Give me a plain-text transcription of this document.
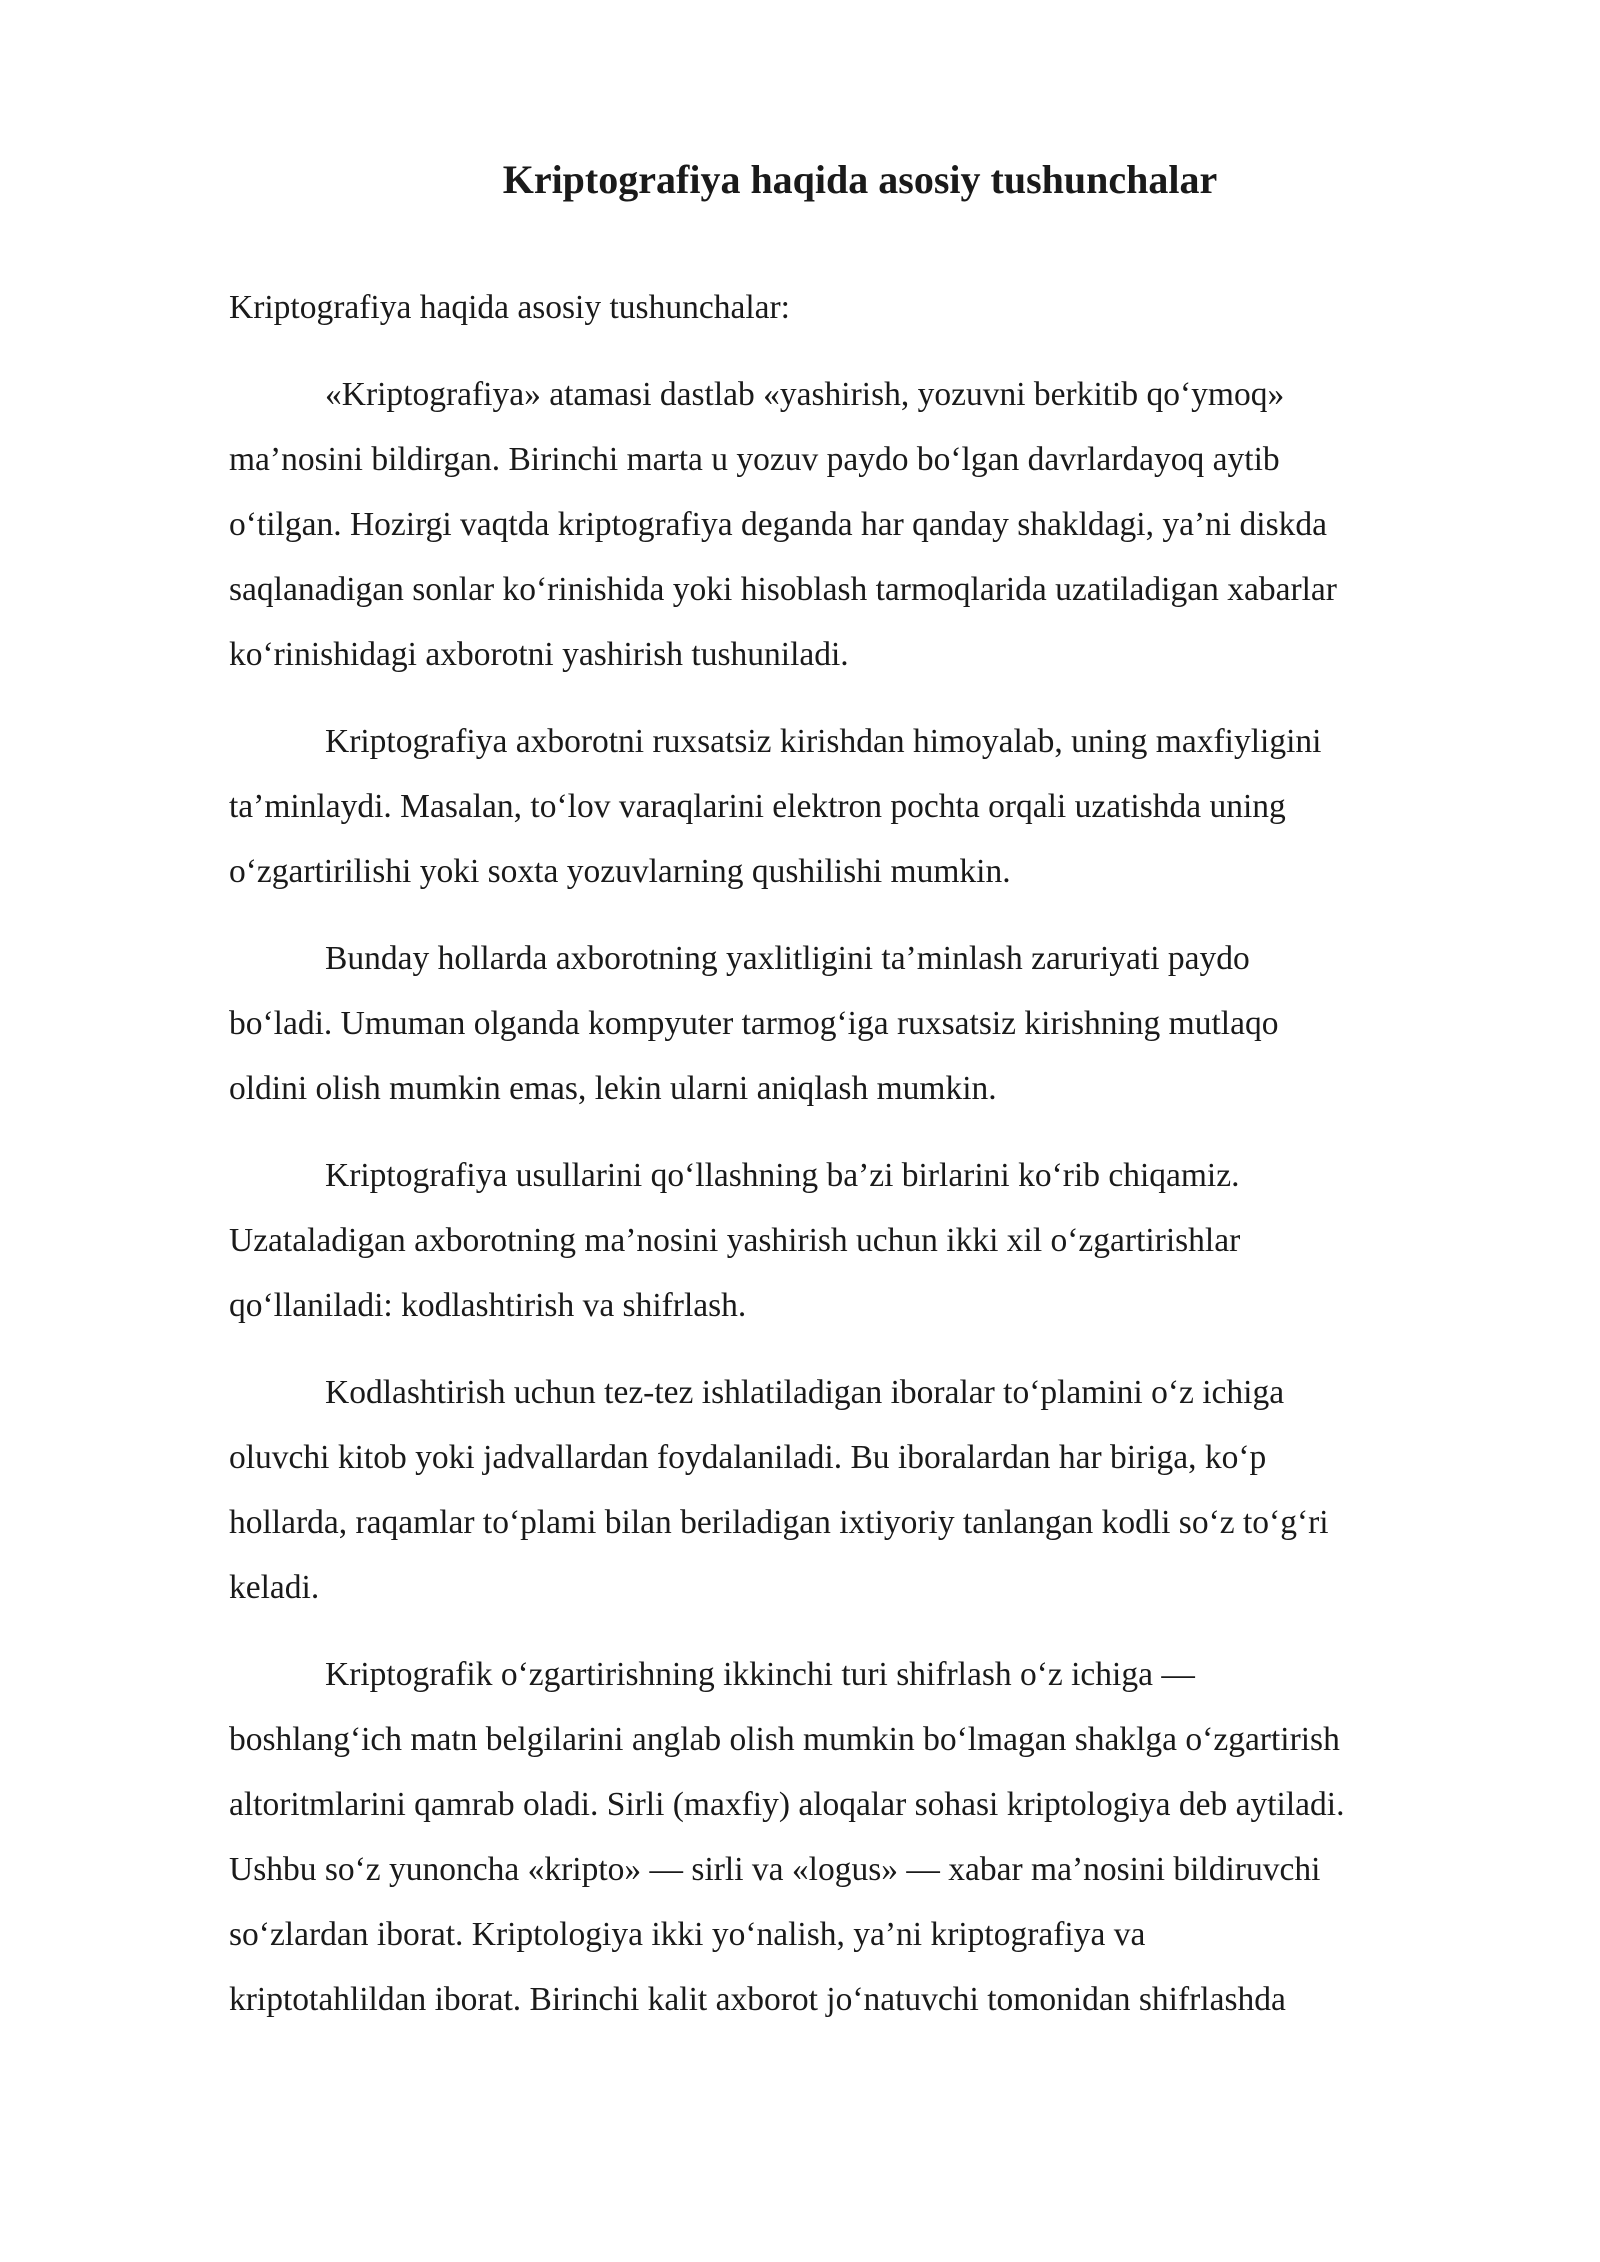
Kriptografiya haqida asosiy tushunchalar

Kriptografiya haqida asosiy tushunchalar:

«Kriptografiya» atamasi dastlab «yashirish, yozuvni berkitib qo‘ymoq»
ma’nosini bildirgan. Birinchi marta u yozuv paydo bo‘lgan davrlardayoq aytib
o‘tilgan. Hozirgi vaqtda kriptografiya deganda har qanday shakldagi, ya’ni diskda
saqlanadigan sonlar ko‘rinishida yoki hisoblash tarmoqlarida uzatiladigan xabarlar
ko‘rinishidagi axborotni yashirish tushuniladi.

Kriptografiya axborotni ruxsatsiz kirishdan himoyalab, uning maxfiyligini
ta’minlaydi. Masalan, to‘lov varaqlarini elektron pochta orqali uzatishda uning
o‘zgartirilishi yoki soxta yozuvlarning qushilishi mumkin.

Bunday hollarda axborotning yaxlitligini ta’minlash zaruriyati paydo
bo‘ladi. Umuman olganda kompyuter tarmog‘iga ruxsatsiz kirishning mutlaqo
oldini olish mumkin emas, lekin ularni aniqlash mumkin.

Kriptografiya usullarini qo‘llashning ba’zi birlarini ko‘rib chiqamiz.
Uzataladigan axborotning ma’nosini yashirish uchun ikki xil o‘zgartirishlar
qo‘llaniladi: kodlashtirish va shifrlash.

Kodlashtirish uchun tez-tez ishlatiladigan iboralar to‘plamini o‘z ichiga
oluvchi kitob yoki jadvallardan foydalaniladi. Bu iboralardan har biriga, ko‘p
hollarda, raqamlar to‘plami bilan beriladigan ixtiyoriy tanlangan kodli so‘z to‘g‘ri
keladi.

Kriptografik o‘zgartirishning ikkinchi turi shifrlash o‘z ichiga —
boshlang‘ich matn belgilarini anglab olish mumkin bo‘lmagan shaklga o‘zgartirish
altoritmlarini qamrab oladi. Sirli (maxfiy) aloqalar sohasi kriptologiya deb aytiladi.
Ushbu so‘z yunoncha «kripto» — sirli va «logus» — xabar ma’nosini bildiruvchi
so‘zlardan iborat. Kriptologiya ikki yo‘nalish, ya’ni kriptografiya va
kriptotahlildan iborat. Birinchi kalit axborot jo‘natuvchi tomonidan shifrlashda
